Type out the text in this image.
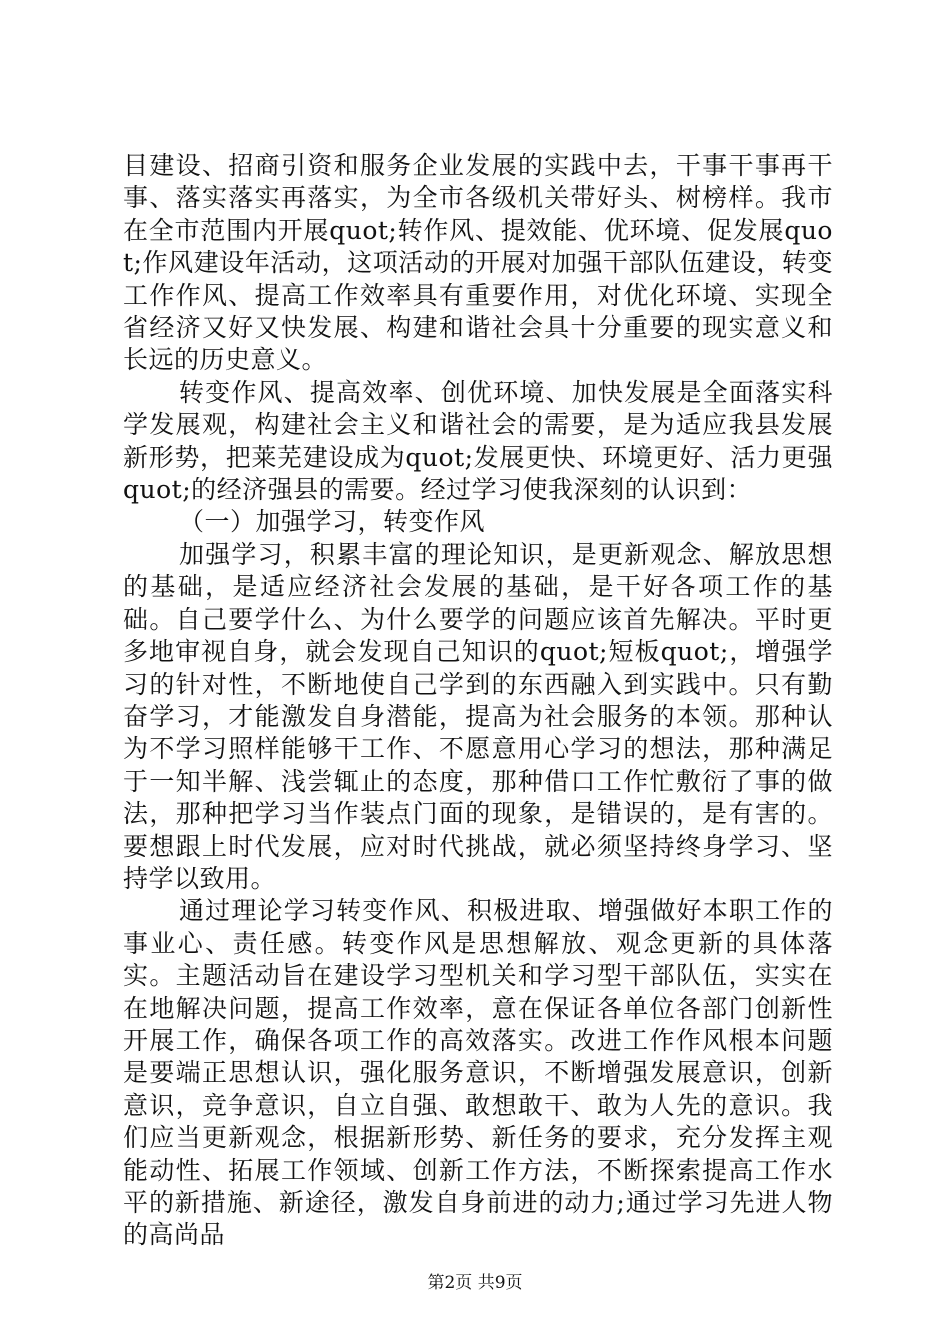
目建设、招商引资和服务企业发展的实践中去，干事干事再干事、落实落实再落实，为全市各级机关带好头、树榜样。我市在全市范围内开展quot;转作风、提效能、优环境、促发展quot;作风建设年活动，这项活动的开展对加强干部队伍建设，转变工作作风、提高工作效率具有重要作用，对优化环境、实现全省经济又好又快发展、构建和谐社会具十分重要的现实意义和长远的历史意义。

转变作风、提高效率、创优环境、加快发展是全面落实科学发展观，构建社会主义和谐社会的需要，是为适应我县发展新形势，把莱芜建设成为quot;发展更快、环境更好、活力更强quot;的经济强县的需要。经过学习使我深刻的认识到：

（一）加强学习，转变作风

加强学习，积累丰富的理论知识，是更新观念、解放思想的基础，是适应经济社会发展的基础，是干好各项工作的基础。自己要学什么、为什么要学的问题应该首先解决。平时更多地审视自身，就会发现自己知识的quot;短板quot;，增强学习的针对性，不断地使自己学到的东西融入到实践中。只有勤奋学习，才能激发自身潜能，提高为社会服务的本领。那种认为不学习照样能够干工作、不愿意用心学习的想法，那种满足于一知半解、浅尝辄止的态度，那种借口工作忙敷衍了事的做法，那种把学习当作装点门面的现象，是错误的，是有害的。要想跟上时代发展，应对时代挑战，就必须坚持终身学习、坚持学以致用。

通过理论学习转变作风、积极进取、增强做好本职工作的事业心、责任感。转变作风是思想解放、观念更新的具体落实。主题活动旨在建设学习型机关和学习型干部队伍，实实在在地解决问题，提高工作效率，意在保证各单位各部门创新性开展工作，确保各项工作的高效落实。改进工作作风根本问题是要端正思想认识，强化服务意识，不断增强发展意识，创新意识，竞争意识，自立自强、敢想敢干、敢为人先的意识。我们应当更新观念，根据新形势、新任务的要求，充分发挥主观能动性、拓展工作领域、创新工作方法，不断探索提高工作水平的新措施、新途径，激发自身前进的动力;通过学习先进人物的高尚品

第2页 共9页
